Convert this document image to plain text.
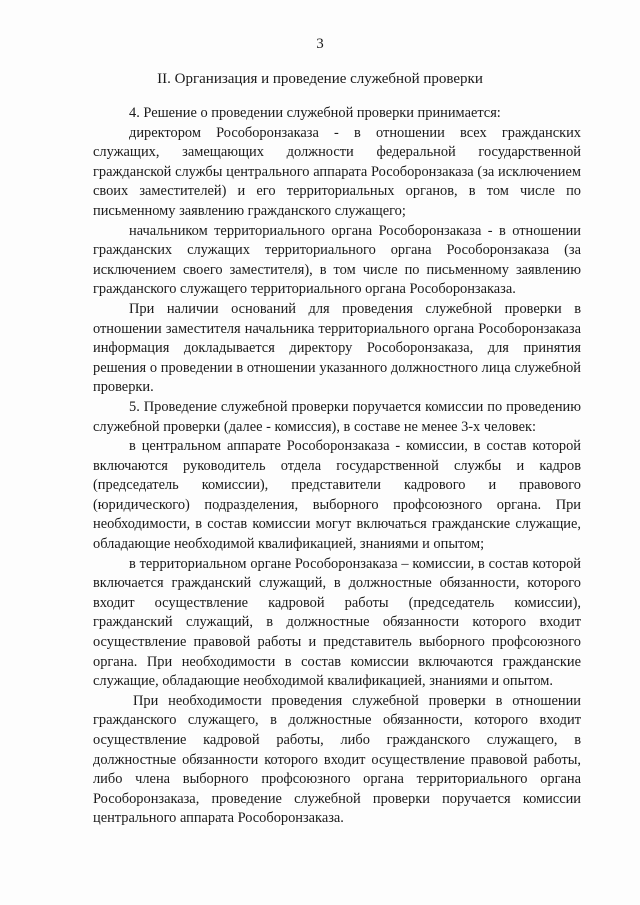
3
II. Организация и проведение служебной проверки

4. Решение о проведении служебной проверки принимается:

директором Рособоронзаказа - в отношении всех гражданских служащих, замещающих должности федеральной государственной гражданской службы центрального аппарата Рособоронзаказа (за исключением своих заместителей) и его территориальных органов, в том числе по письменному заявлению гражданского служащего;

начальником территориального органа Рособоронзаказа - в отношении гражданских служащих территориального органа Рособоронзаказа (за исключением своего заместителя), в том числе по письменному заявлению гражданского служащего территориального органа Рособоронзаказа.

При наличии оснований для проведения служебной проверки в отношении заместителя начальника территориального органа Рособоронзаказа информация докладывается директору Рособоронзаказа, для принятия решения о проведении в отношении указанного должностного лица служебной проверки.

5. Проведение служебной проверки поручается комиссии по проведению служебной проверки (далее - комиссия), в составе не менее 3-х человек:

в центральном аппарате Рособоронзаказа - комиссии, в состав которой включаются руководитель отдела государственной службы и кадров (председатель комиссии), представители кадрового и правового (юридического) подразделения, выборного профсоюзного органа. При необходимости, в состав комиссии могут включаться гражданские служащие, обладающие необходимой квалификацией, знаниями и опытом;

в территориальном органе Рособоронзаказа – комиссии, в состав которой включается гражданский служащий, в должностные обязанности, которого входит осуществление кадровой работы (председатель комиссии), гражданский служащий, в должностные обязанности которого входит осуществление правовой работы и представитель выборного профсоюзного органа. При необходимости в состав комиссии включаются гражданские служащие, обладающие необходимой квалификацией, знаниями и опытом.

При необходимости проведения служебной проверки в отношении гражданского служащего, в должностные обязанности, которого входит осуществление кадровой работы, либо гражданского служащего, в должностные обязанности которого входит осуществление правовой работы, либо члена выборного профсоюзного органа территориального органа Рособоронзаказа, проведение служебной проверки поручается комиссии центрального аппарата Рособоронзаказа.
